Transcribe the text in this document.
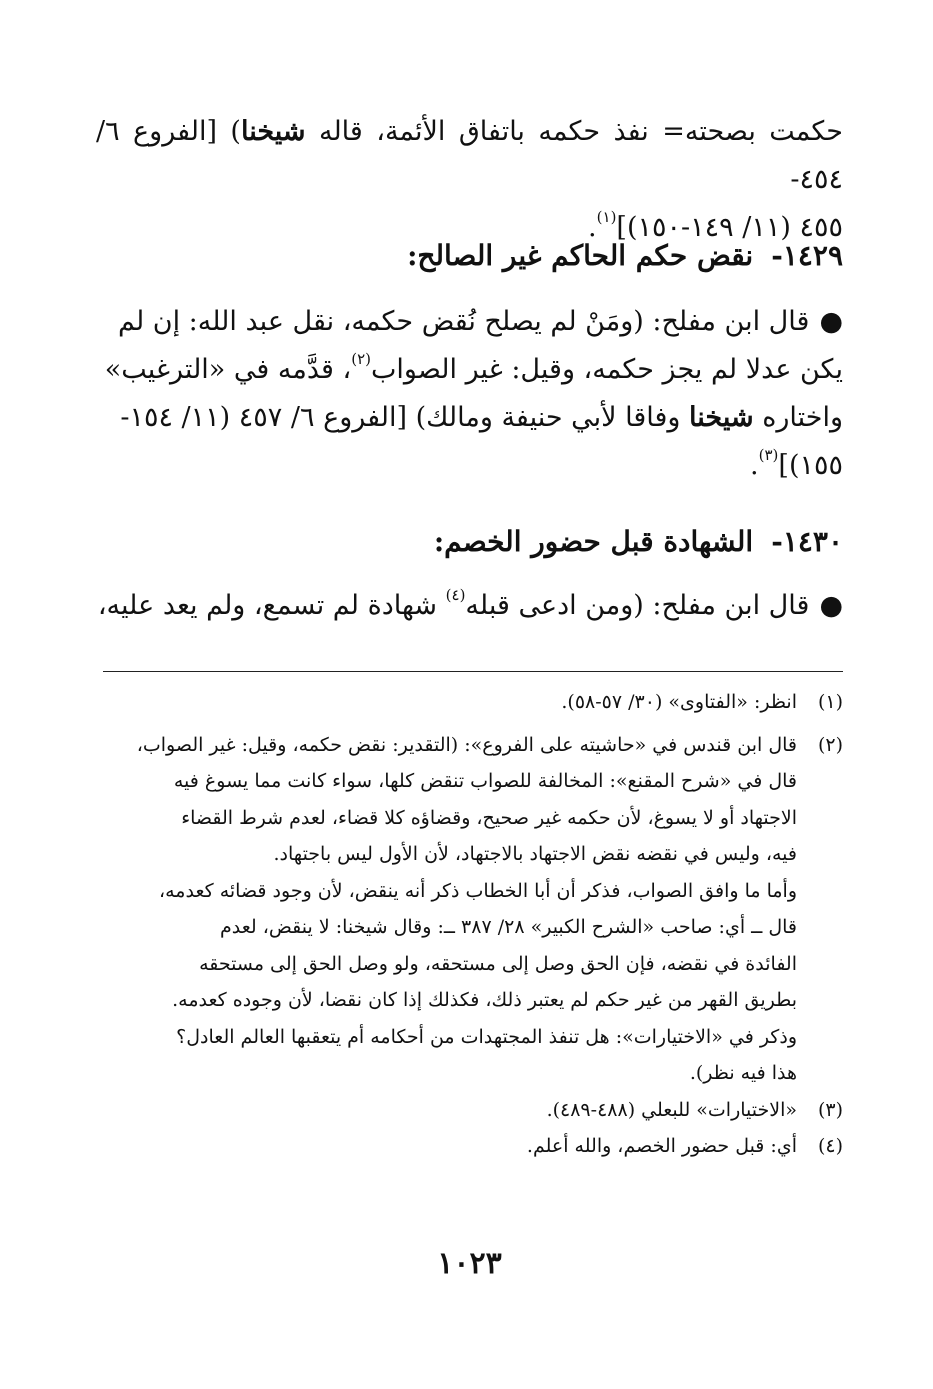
حكمت بصحته= نفذ حكمه باتفاق الأئمة، قاله شيخنا) [الفروع ٦/ ٤٥٤-

٤٥٥ (١١/ ١٤٩-١٥٠)]$^{(١)}$.

١٤٢٩-نقض حكم الحاكم غير الصالح:

●قال ابن مفلح: (ومَنْ لم يصلح نُقض حكمه، نقل عبد الله: إن لم

يكن عدلا لم يجز حكمه، وقيل: غير الصواب$^{(٢)}$، قدَّمه في «الترغيب»

واختاره شيخنا وفاقا لأبي حنيفة ومالك) [الفروع ٦/ ٤٥٧ (١١/ ١٥٤-

١٥٥)]$^{(٣)}$.

١٤٣٠-الشهادة قبل حضور الخصم:

●قال ابن مفلح: (ومن ادعى قبله$^{(٤)}$ شهادة لم تسمع، ولم يعد عليه،

(١)

انظر: «الفتاوى» (٣٠/ ٥٧-٥٨).

(٢)

قال ابن قندس في «حاشيته على الفروع»: (التقدير: نقض حكمه، وقيل: غير الصواب،

قال في «شرح المقنع»: المخالفة للصواب تنقض كلها، سواء كانت مما يسوغ فيه

الاجتهاد أو لا يسوغ، لأن حكمه غير صحيح، وقضاؤه كلا قضاء، لعدم شرط القضاء

فيه، وليس في نقضه نقض الاجتهاد بالاجتهاد، لأن الأول ليس باجتهاد.

وأما ما وافق الصواب، فذكر أن أبا الخطاب ذكر أنه ينقض، لأن وجود قضائه كعدمه،

قال ــ أي: صاحب «الشرح الكبير» ٢٨/ ٣٨٧ ــ: وقال شيخنا: لا ينقض، لعدم

الفائدة في نقضه، فإن الحق وصل إلى مستحقه، ولو وصل الحق إلى مستحقه

بطريق القهر من غير حكم لم يعتبر ذلك، فكذلك إذا كان نقضا، لأن وجوده كعدمه.

وذكر في «الاختيارات»: هل تنفذ المجتهدات من أحكامه أم يتعقبها العالم العادل؟

هذا فيه نظر).

(٣)

«الاختيارات» للبعلي (٤٨٨-٤٨٩).

(٤)

أي: قبل حضور الخصم، والله أعلم.

١٠٢٣
